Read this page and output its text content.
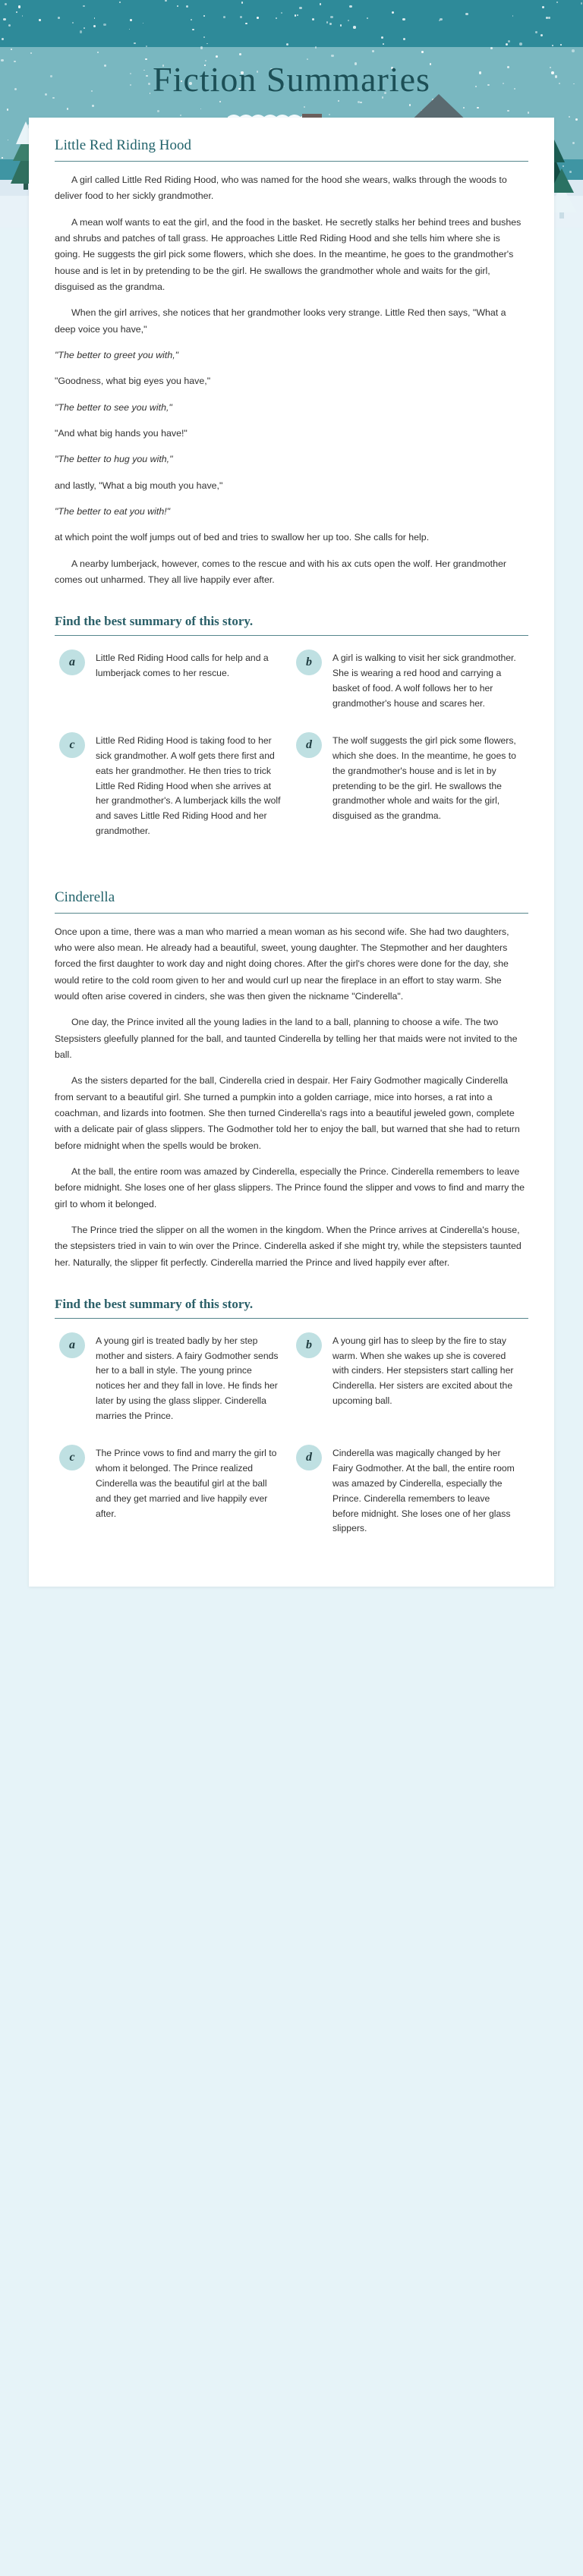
Fiction Summaries
Little Red Riding Hood

A girl called Little Red Riding Hood, who was named for the hood she wears, walks through the woods to deliver food to her sickly grandmother.

A mean wolf wants to eat the girl, and the food in the basket. He secretly stalks her behind trees and bushes and shrubs and patches of tall grass. He approaches Little Red Riding Hood and she tells him where she is going. He suggests the girl pick some flowers, which she does. In the meantime, he goes to the grandmother's house and is let in by pretending to be the girl. He swallows the grandmother whole and waits for the girl, disguised as the grandma.

When the girl arrives, she notices that her grandmother looks very strange. Little Red then says, "What a deep voice you have,"

"The better to greet you with,"

"Goodness, what big eyes you have,"

"The better to see you with,"

"And what big hands you have!"

"The better to hug you with,"

and lastly, "What a big mouth you have,"

"The better to eat you with!"

at which point the wolf jumps out of bed and tries to swallow her up too. She calls for help.

A nearby lumberjack, however, comes to the rescue and with his ax cuts open the wolf. Her grandmother comes out unharmed. They all live happily ever after.

Find the best summary of this story.
a	Little Red Riding Hood calls for help and a lumberjack comes to her rescue.
b	A girl is walking to visit her sick grandmother. She is wearing a red hood and carrying a basket of food. A wolf follows her to her grandmother's house and scares her.
c	Little Red Riding Hood is taking food to her sick grandmother. A wolf gets there first and eats her grandmother. He then tries to trick Little Red Riding Hood when she arrives at her grandmother's. A lumberjack kills the wolf and saves Little Red Riding Hood and her grandmother.
d	The wolf suggests the girl pick some flowers, which she does. In the meantime, he goes to the grandmother's house and is let in by pretending to be the girl. He swallows the grandmother whole and waits for the girl, disguised as the grandma.
Cinderella

Once upon a time, there was a man who married a mean woman as his second wife. She had two daughters, who were also mean. He already had a beautiful, sweet, young daughter. The Stepmother and her daughters forced the first daughter to work day and night doing chores. After the girl's chores were done for the day, she would retire to the cold room given to her and would curl up near the fireplace in an effort to stay warm. She would often arise covered in cinders, she was then given the nickname "Cinderella".

One day, the Prince invited all the young ladies in the land to a ball, planning to choose a wife. The two Stepsisters gleefully planned for the ball, and taunted Cinderella by telling her that maids were not invited to the ball.

As the sisters departed for the ball, Cinderella cried in despair. Her Fairy Godmother magically Cinderella from servant to a beautiful girl. She turned a pumpkin into a golden carriage, mice into horses, a rat into a coachman, and lizards into footmen. She then turned Cinderella's rags into a beautiful jeweled gown, complete with a delicate pair of glass slippers. The Godmother told her to enjoy the ball, but warned that she had to return before midnight when the spells would be broken.

At the ball, the entire room was amazed by Cinderella, especially the Prince. Cinderella remembers to leave before midnight. She loses one of her glass slippers. The Prince found the slipper and vows to find and marry the girl to whom it belonged.

The Prince tried the slipper on all the women in the kingdom. When the Prince arrives at Cinderella's house, the stepsisters tried in vain to win over the Prince. Cinderella asked if she might try, while the stepsisters taunted her. Naturally, the slipper fit perfectly. Cinderella married the Prince and lived happily ever after.

Find the best summary of this story.
a	A young girl is treated badly by her step mother and sisters. A fairy Godmother sends her to a ball in style. The young prince notices her and they fall in love. He finds her later by using the glass slipper. Cinderella marries the Prince.
b	A young girl has to sleep by the fire to stay warm. When she wakes up she is covered with cinders. Her stepsisters start calling her Cinderella. Her sisters are excited about the upcoming ball.
c	The Prince vows to find and marry the girl to whom it belonged. The Prince realized Cinderella was the beautiful girl at the ball and they get married and live happily ever after.
d	Cinderella was magically changed by her Fairy Godmother. At the ball, the entire room was amazed by Cinderella, especially the Prince. Cinderella remembers to leave before midnight. She loses one of her glass slippers.
